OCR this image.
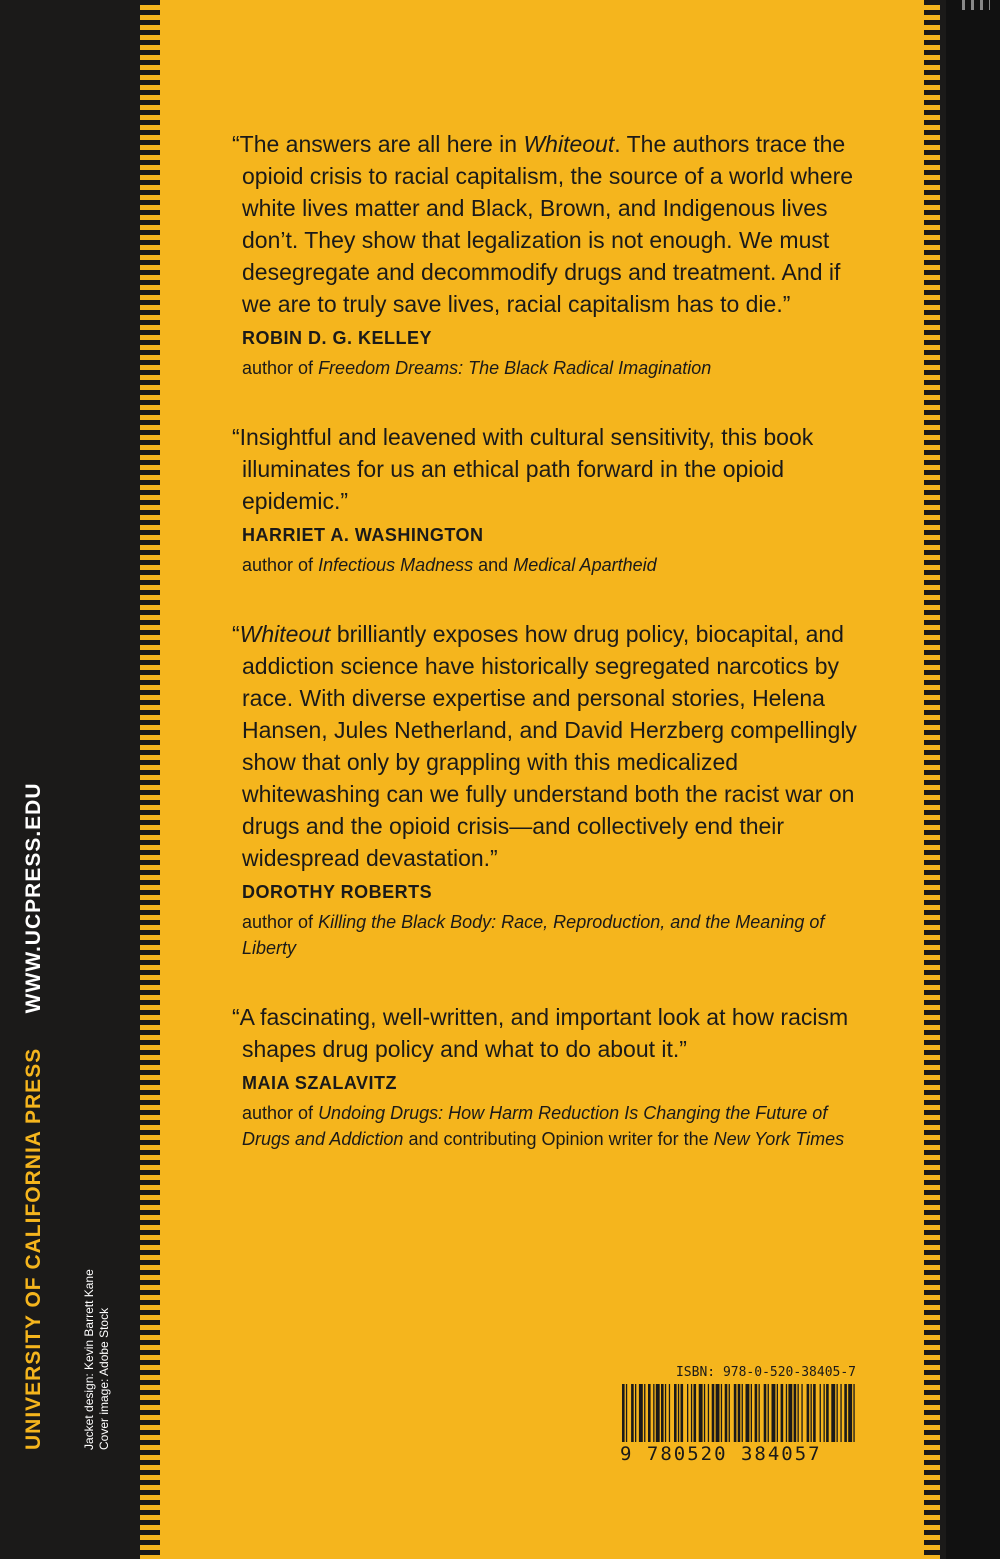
UNIVERSITY OF CALIFORNIA PRESS WWW.UCPRESS.EDU
Jacket design: Kevin Barrett Kane Cover image: Adobe Stock

“The answers are all here in Whiteout. The authors trace the opioid crisis to racial capitalism, the source of a world where white lives matter and Black, Brown, and Indigenous lives don’t. They show that legalization is not enough. We must desegregate and decommodify drugs and treatment. And if we are to truly save lives, racial capitalism has to die.”

ROBIN D. G. KELLEY
author of Freedom Dreams: The Black Radical Imagination

“Insightful and leavened with cultural sensitivity, this book illuminates for us an ethical path forward in the opioid epidemic.”

HARRIET A. WASHINGTON
author of Infectious Madness and Medical Apartheid

“Whiteout brilliantly exposes how drug policy, biocapital, and addiction science have historically segregated narcotics by race. With diverse expertise and personal stories, Helena Hansen, Jules Netherland, and David Herzberg compellingly show that only by grappling with this medicalized whitewashing can we fully understand both the racist war on drugs and the opioid crisis—and collectively end their widespread devastation.”

DOROTHY ROBERTS
author of Killing the Black Body: Race, Reproduction, and the Meaning of Liberty

“A fascinating, well-written, and important look at how racism shapes drug policy and what to do about it.”

MAIA SZALAVITZ
author of Undoing Drugs: How Harm Reduction Is Changing the Future of Drugs and Addiction and contributing Opinion writer for the New York Times
ISBN: 978-0-520-38405-7
9 780520 384057
